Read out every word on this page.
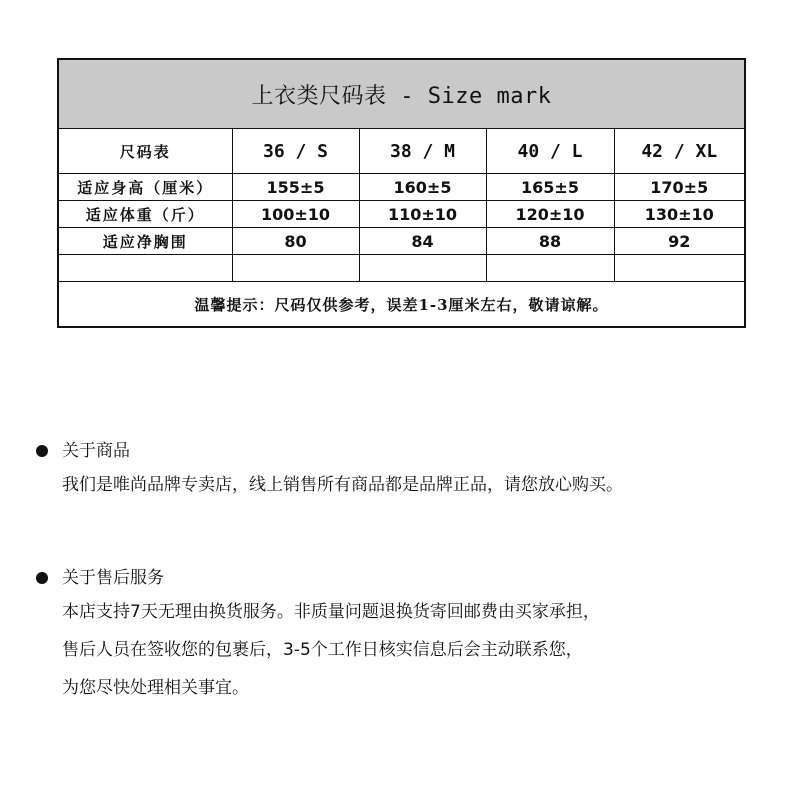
上衣类尺码表 - Size mark				
尺码表	36 / S	38 / M	40 / L	42 / XL
适应身高（厘米）	155±5	160±5	165±5	170±5
适应体重（斤）	100±10	110±10	120±10	130±10
适应净胸围	80	84	88	92

温馨提示：尺码仅供参考，误差1-3厘米左右，敬请谅解。				
关于商品
我们是唯尚品牌专卖店，线上销售所有商品都是品牌正品，请您放心购买。
关于售后服务
本店支持7天无理由换货服务。非质量问题退换货寄回邮费由买家承担，
售后人员在签收您的包裹后，3-5个工作日核实信息后会主动联系您，
为您尽快处理相关事宜。
